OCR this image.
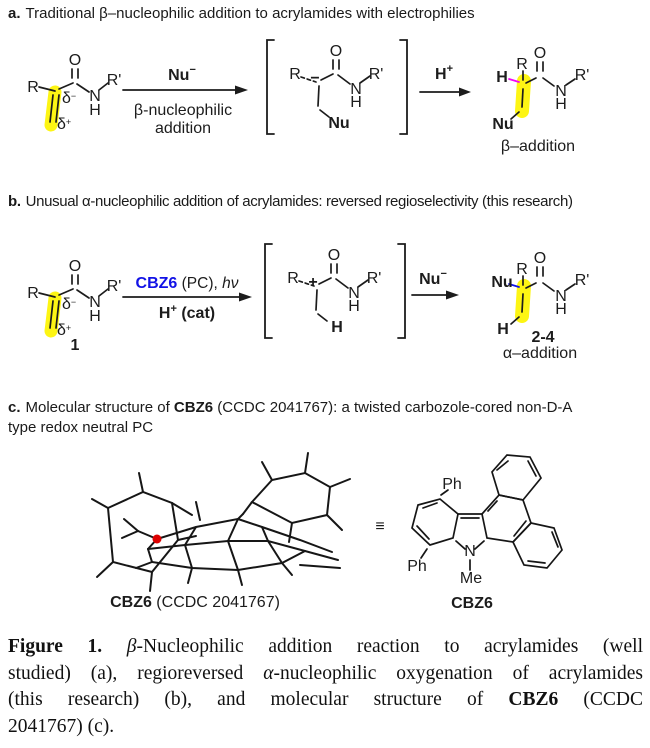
a. Traditional β–nucleophilic addition to acrylamides with electrophilies
b. Unusual α-nucleophilic addition of acrylamides: reversed regioselectivity (this research)
c. Molecular structure of CBZ6 (CCDC 2041767): a twisted carbozole-cored non-D-A
type redox neutral PC
R
O
N
H
R'
δ−
δ+
Nu−
β-nucleophilic
addition
R
O
N
H
R'
−
Nu
H+	H
R
O
N
H
R'
Nu
β–addition
R
O
N
H
R'
δ−
δ+
1
CBZ6 (PC), hν
H+ (cat)
R
O
N
H
R'
+
H
Nu−	Nu
R
O
N
H
R'
H 2-4
α–addition
CBZ6 (CCDC 2041767)
≡
Ph
Ph
N
Me
CBZ6
Figure 1. β-Nucleophilic addition reaction to acrylamides (well
studied) (a), regioreversed α-nucleophilic oxygenation of acrylamides
(this research) (b), and molecular structure of CBZ6 (CCDC
2041767) (c).
